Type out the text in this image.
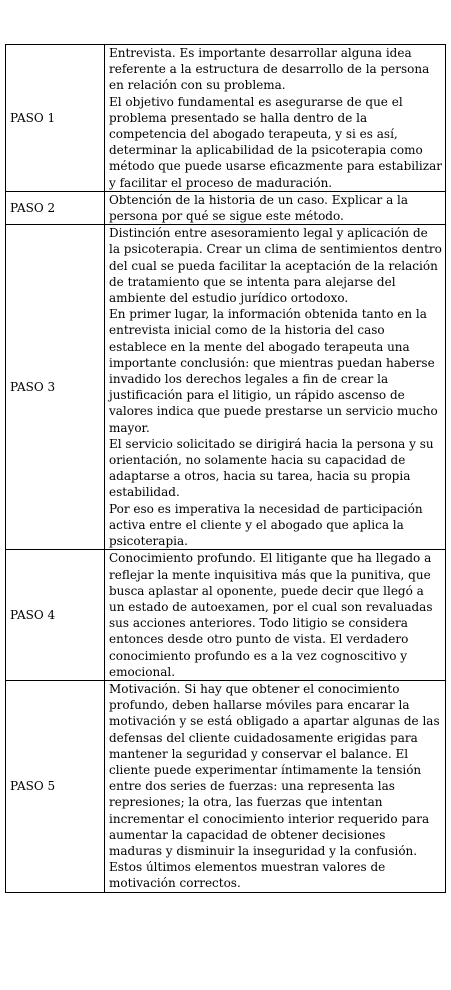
PASO 1	Entrevista. Es importante desarrollar alguna idea referente a la estructura de desarrollo de la persona en relación con su problema.

El objetivo fundamental es asegurarse de que el problema presentado se halla dentro de la competencia del abogado terapeuta, y si es así, determinar la aplicabilidad de la psicoterapia como método que puede usarse eficazmente para estabilizar y facilitar el proceso de maduración.

PASO 2	Obtención de la historia de un caso. Explicar a la persona por qué se sigue este método.

PASO 3	Distinción entre asesoramiento legal y aplicación de la psicoterapia. Crear un clima de sentimientos dentro del cual se pueda facilitar la aceptación de la relación de tratamiento que se intenta para alejarse del ambiente del estudio jurídico ortodoxo.

En primer lugar, la información obtenida tanto en la entrevista inicial como de la historia del caso establece en la mente del abogado terapeuta una importante conclusión: que mientras puedan haberse invadido los derechos legales a fin de crear la justificación para el litigio, un rápido ascenso de valores indica que puede prestarse un servicio mucho mayor.

El servicio solicitado se dirigirá hacia la persona y su orientación, no solamente hacia su capacidad de adaptarse a otros, hacia su tarea, hacia su propia estabilidad.

Por eso es imperativa la necesidad de participación activa entre el cliente y el abogado que aplica la psicoterapia.

PASO 4	Conocimiento profundo. El litigante que ha llegado a reflejar la mente inquisitiva más que la punitiva, que busca aplastar al oponente, puede decir que llegó a un estado de autoexamen, por el cual son revaluadas sus acciones anteriores. Todo litigio se considera entonces desde otro punto de vista. El verdadero conocimiento profundo es a la vez cognoscitivo y emocional.

PASO 5	Motivación. Si hay que obtener el conocimiento profundo, deben hallarse móviles para encarar la motivación y se está obligado a apartar algunas de las defensas del cliente cuidadosamente erigidas para mantener la seguridad y conservar el balance. El cliente puede experimentar íntimamente la tensión entre dos series de fuerzas: una representa las represiones; la otra, las fuerzas que intentan incrementar el conocimiento interior requerido para aumentar la capacidad de obtener decisiones maduras y disminuir la inseguridad y la confusión. Estos últimos elementos muestran valores de motivación correctos.
